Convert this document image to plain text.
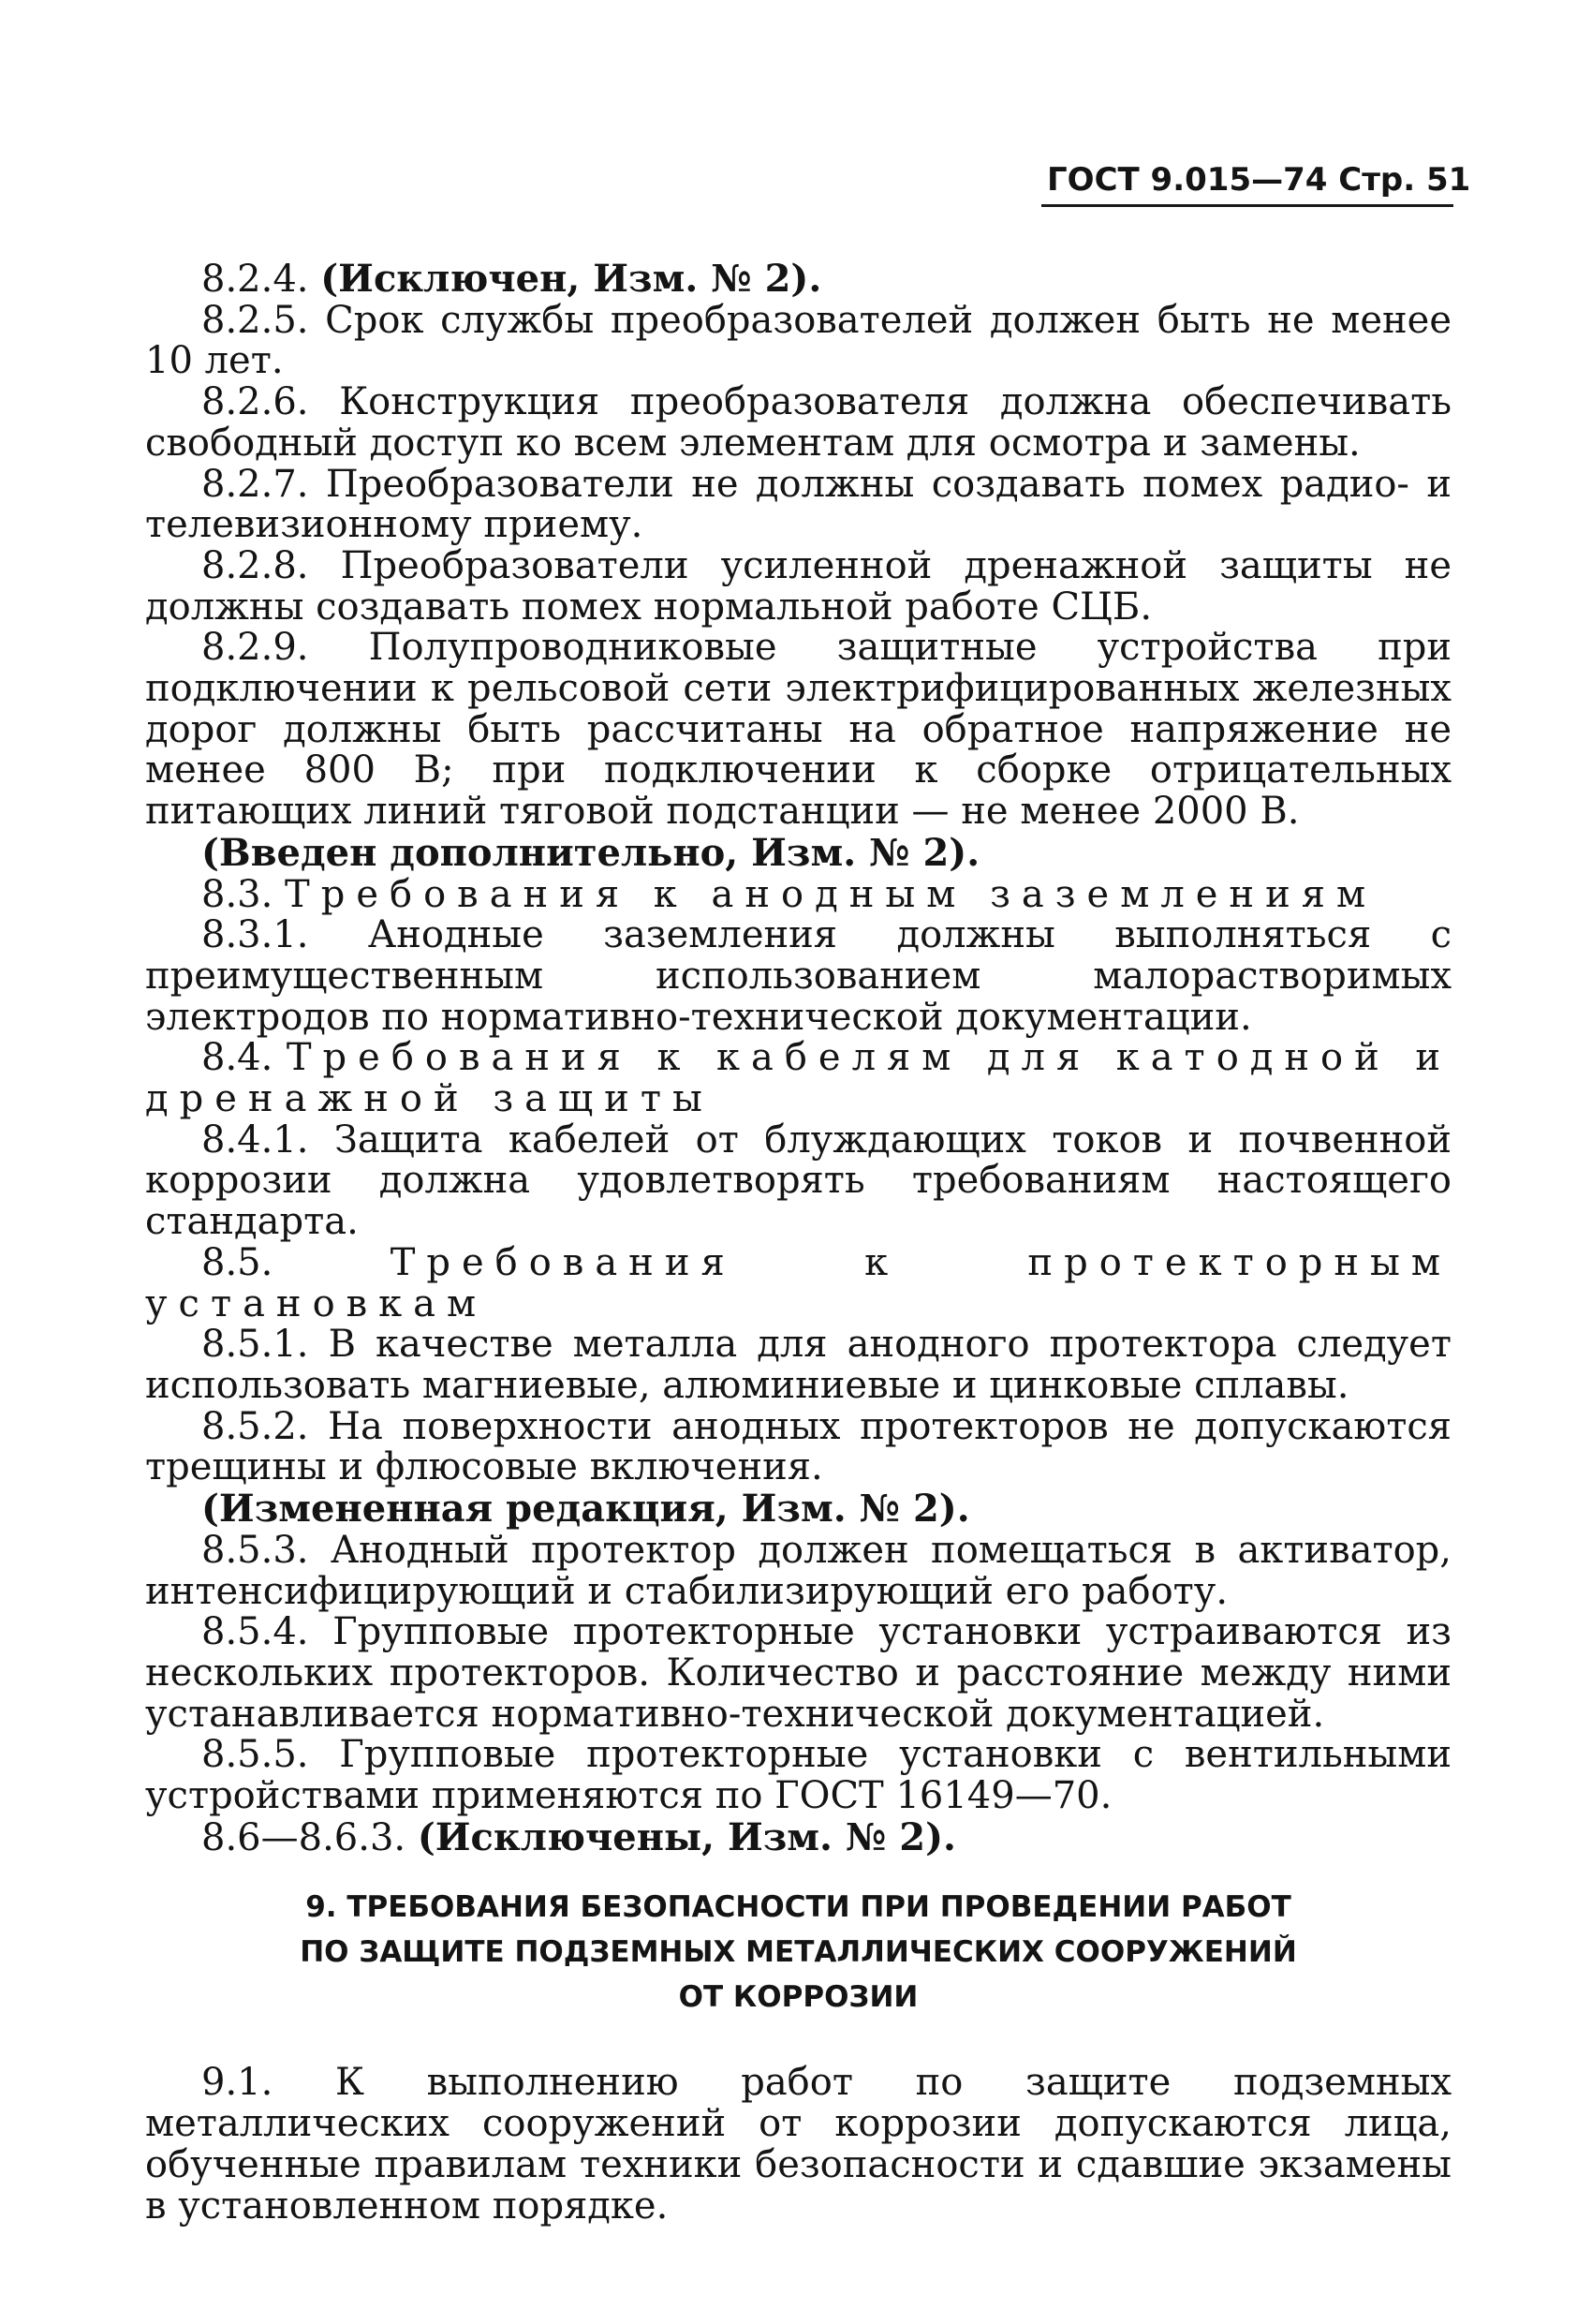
ГОСТ 9.015—74 Стр. 51

8.2.4. (Исключен, Изм. № 2).

8.2.5. Срок службы преобразователей должен быть не менее 10 лет.

8.2.6. Конструкция преобразователя должна обеспечивать свободный доступ ко всем элементам для осмотра и замены.

8.2.7. Преобразователи не должны создавать помех радио- и телевизионному приему.

8.2.8. Преобразователи усиленной дренажной защиты не должны создавать помех нормальной работе СЦБ.

8.2.9. Полупроводниковые защитные устройства при подключении к рельсовой сети электрифицированных железных дорог должны быть рассчитаны на обратное напряжение не менее 800 В; при подключении к сборке отрицательных питающих линий тяговой подстанции — не менее 2000 В.

(Введен дополнительно, Изм. № 2).

8.3. Требования к анодным заземлениям

8.3.1. Анодные заземления должны выполняться с преимущественным использованием малорастворимых электродов по нормативно-технической документации.

8.4. Требования к кабелям для катодной и дренажной защиты

8.4.1. Защита кабелей от блуждающих токов и почвенной коррозии должна удовлетворять требованиям настоящего стандарта.

8.5. Требования к протекторным установкам

8.5.1. В качестве металла для анодного протектора следует использовать магниевые, алюминиевые и цинковые сплавы.

8.5.2. На поверхности анодных протекторов не допускаются трещины и флюсовые включения.

(Измененная редакция, Изм. № 2).

8.5.3. Анодный протектор должен помещаться в активатор, интенсифицирующий и стабилизирующий его работу.

8.5.4. Групповые протекторные установки устраиваются из нескольких протекторов. Количество и расстояние между ними устанавливается нормативно-технической документацией.

8.5.5. Групповые протекторные установки с вентильными устройствами применяются по ГОСТ 16149—70.

8.6—8.6.3. (Исключены, Изм. № 2).

9. ТРЕБОВАНИЯ БЕЗОПАСНОСТИ ПРИ ПРОВЕДЕНИИ РАБОТ
ПО ЗАЩИТЕ ПОДЗЕМНЫХ МЕТАЛЛИЧЕСКИХ СООРУЖЕНИЙ
ОТ КОРРОЗИИ

9.1. К выполнению работ по защите подземных металлических сооружений от коррозии допускаются лица, обученные правилам техники безопасности и сдавшие экзамены в установленном порядке.
